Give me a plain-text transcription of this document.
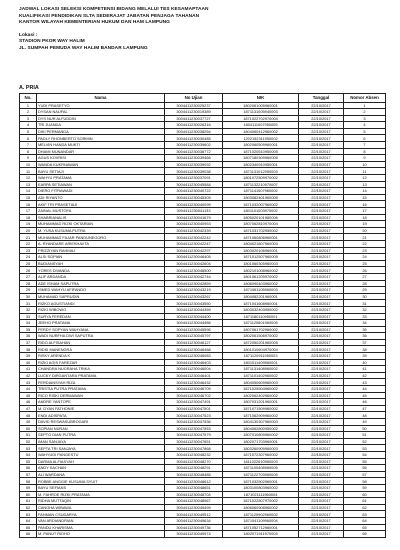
JADWAL LOKASI SELEKSI KOMPETENSI BIDANG MELALUI TES KESAMAPTAAN
KUALIFIKASI PENDIDIKAN SLTA SEDERAJAT JABATAN PENJAGA TAHANAN
KANTOR WILAYAH KEMENTERIAN HUKUM DAN HAM LAMPUNG
Lokasi :
STADION PKOR WAY HALIM
JL. SUMPAH PEMUDA WAY HALIM BANDAR LAMPUNG
A. PRIA
No.	Nama	No Ujian	NIK	Tanggal	Nomor Absen
1	YUDI PRASETYO	3004411230025237	1802061005960001	22/10/2017	1
2	DYSAN NAUFAL	3004411230019389	1871131005940003	22/10/2017	2
3	DYS NUR ALFUDDIN	3004411230037727	1871022702970004	22/10/2017	3
4	TRI JUANDA	3004411230026316	1804111007950005	22/10/2017	4
5	DIKI PERMANDA	3004411230038254	1804060412960002	22/10/2017	5
6	PADLY RHONBERTO SORMIN	3004411230030485	1202152311950002	22/10/2017	6
7	MELVIN HANDA MUKTI	3004411230039602	1802060509960001	22/10/2017	7
8	DHAMI MUNANDAR	3004411230036772	1871020510950005	22/10/2017	8
9	AGUS KOVRISI	3004411230039466	1807180309960005	22/10/2017	9
10	WANDA KUKRNAWAN	3004411230039092	1802340910950001	22/10/2017	10
11	BAYU SETIAJI	3004411230039038	1871131012950003	22/10/2017	11
12	WAHYU PRATAMA	3004411230037091	1801072509970002	22/10/2017	12
13	EARPA SETIAWAN	3004411230045584	1871132210970007	22/10/2017	13
14	DIERO FITRAWADI	3004411230040722	1871141507960002	22/10/2017	14
15	ADI RIYANTO	3004411230045309	1803082401960005	22/10/2017	15
16	AKIF TRI PRASETIAJI	3004411230040099	1871032007960002	22/10/2017	16
17	ZAINAL MUSTOFA	3004411230041133	1801101003970002	22/10/2017	17
18	SHABRIANALIS	3004411230041679	1805020101960006	22/10/2017	18
19	MUHAMMAD RIZKI OKTARIAN	3004411230040953	1807062810970004	22/10/2017	19
20	M. YUSA KUSUMA PUTRA	3004411230042339	1871031702950002	22/10/2017	20
21	MUHAMMAD FAJAR PANDUNEGORO	3004411230042242	1871060806960001	22/10/2017	21
22	A. RYANDARE ARIEKHAVTA	3004411230042247	1804021807960003	22/10/2017	22
23	PRIZZIYAN RAHMAJ	3004411230042297	1803020106960001	22/10/2017	23
24	ALSI SOPIAN	3004411230046405	1871012507960005	22/10/2017	24
25	BUDIANSYAH	3004411230042604	1801060305960003	22/10/2017	25
26	YORES DIVANDA	3004411230046500	1802101008960002	22/10/2017	26
27	ALIF ARDANDA	3004411230042744	1801061209970002	22/10/2017	27
28	ADE ISHAM SAPUTRA	3004411230042859	1806090403960002	22/10/2017	28
29	ISMED WAHYU AFIFANDO	3004411230043219	1871061105960003	22/10/2017	29
30	MUHAMAD SAPRUDIN	3004411230043267	1804082201960001	22/10/2017	30
31	RIZKO AGUSTIANDI	3004411230043550	1871041608960001	22/10/2017	31
32	RIZKI WIBOWO	3004411230044359	1803032403950002	22/10/2017	32
33	SURYA FEREDAN	3004411230044400	1871180110950001	22/10/2017	33
34	JEEHO PRATAMA	3004411230044486	1871120601960005	22/10/2017	34
35	FERDY SOPYAN WAHYANA	3004411230045596	1807061702960002	22/10/2017	35
36	WADI NURFHA DWI SAPUTRA	3004411230045797	1802061506970002	22/10/2017	36
37	RIDO ALFISAHAN	3004411230046127	1872050201960005	22/10/2017	37
38	RIDKI MANENGRA	3004411230046488	1801010604970004	22/10/2017	38
39	RISKY ARENDA K	3004411230046083	1871120911950003	22/10/2017	39
40	RIZKI AGIS FAREZAR	3004411230046403	1801011409960001	22/10/2017	40
41	CHANDRA NUGRAHA TRIKA	3004411230046004	1871131408960002	22/10/2017	41
42	LUCKY DIRGANTARA PRATAMA	3004411230046401	1871101402960002	22/10/2017	42
43	FERDIANSYAH RIZA	3004411230046432	1804050609960003	22/10/2017	43
44	TRISTIA PUTRA PRATAMA	3004411230046709	1871025504960002	22/10/2017	44
45	RICO RISKI DERMAWAN	3004411230046702	1802062402960002	22/10/2017	45
46	ANDRE YANTOPE	3004411230047491	1807031201960001	22/10/2017	46
47	M. DYAN FATHONIE	3004411230047501	1871071509960002	22/10/2017	47
48	ENDI ADISPATA	3004411230047523	1871062909960002	22/10/2017	48
49	DAVID RESWASUBROGARI	3004411230047536	1804130307960003	22/10/2017	49
50	SOPIAN NURAN	3004411230047553	1804062800950002	22/10/2017	50
51	SEPTO DIAN PUTRA	3004411230047579	1807010809960002	22/10/2017	51
52	IMAN SANJAYA	3004411230047651	1802071703960001	22/10/2017	52
53	SEPTA TRI SANJAYA	3004411230047868	1803260909960003	22/10/2017	53
54	WAHYUDI PANGESTU	3004411230048232	1871072307960002	22/10/2017	54
55	DARMA ALFIASYAH	3004411230048270	1811022610960003	22/10/2017	55
56	ANDY KACHAN	3004411230048291	1871100408960005	22/10/2017	56
57	ALI WARDANA	3004411230048485	1871122703960005	22/10/2017	57
58	ROBBE ANGGIE KUSUMA SYUIT	3004411230048612	1871032502960001	22/10/2017	58
59	BAYU SEFIANS	3004411230048651	1803100803960002	22/10/2017	59
60	M. FAHROE RIZKI PRATAMA	3004411230048704	1871021111960004	22/10/2017	60
61	RIDHA MUTTAQIN	3004411230048967	1871022807970002	22/10/2017	61
62	CANGHA WIBAWA	3004411230049499	1806060908960002	22/10/2017	62
63	FAHMAN CSUDARYA	3004411230049512	1871120902960002	22/10/2017	63
64	VAN ARDIANDRIAN	3004411230049634	1871041109960004	22/10/2017	64
65	PANDU KHARISMA	3004411230049736	1871052712960001	22/10/2017	65
66	M. PANUT RIDHO	3004411230049974	1802071911970003	22/10/2017	66
